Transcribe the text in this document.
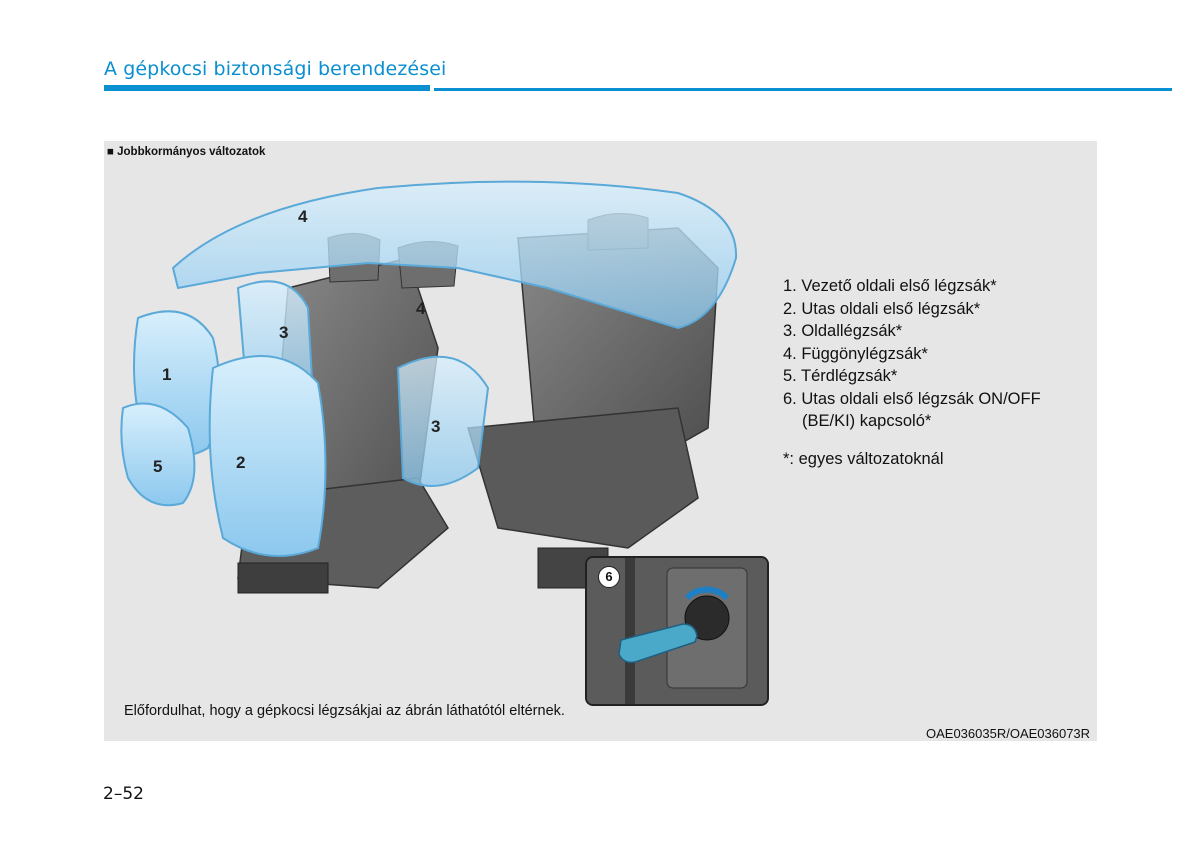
A gépkocsi biztonsági berendezései
■ Jobbkormányos változatok
1
2
3
3
4
4
5
6
1. Vezető oldali első légzsák*
2. Utas oldali első légzsák*
3. Oldallégzsák*
4. Függönylégzsák*
5. Térdlégzsák*
6. Utas oldali első légzsák ON/OFF
(BE/KI) kapcsoló*
*: egyes változatoknál
Előfordulhat, hogy a gépkocsi légzsákjai az ábrán láthatótól eltérnek.
OAE036035R/OAE036073R
2–52
